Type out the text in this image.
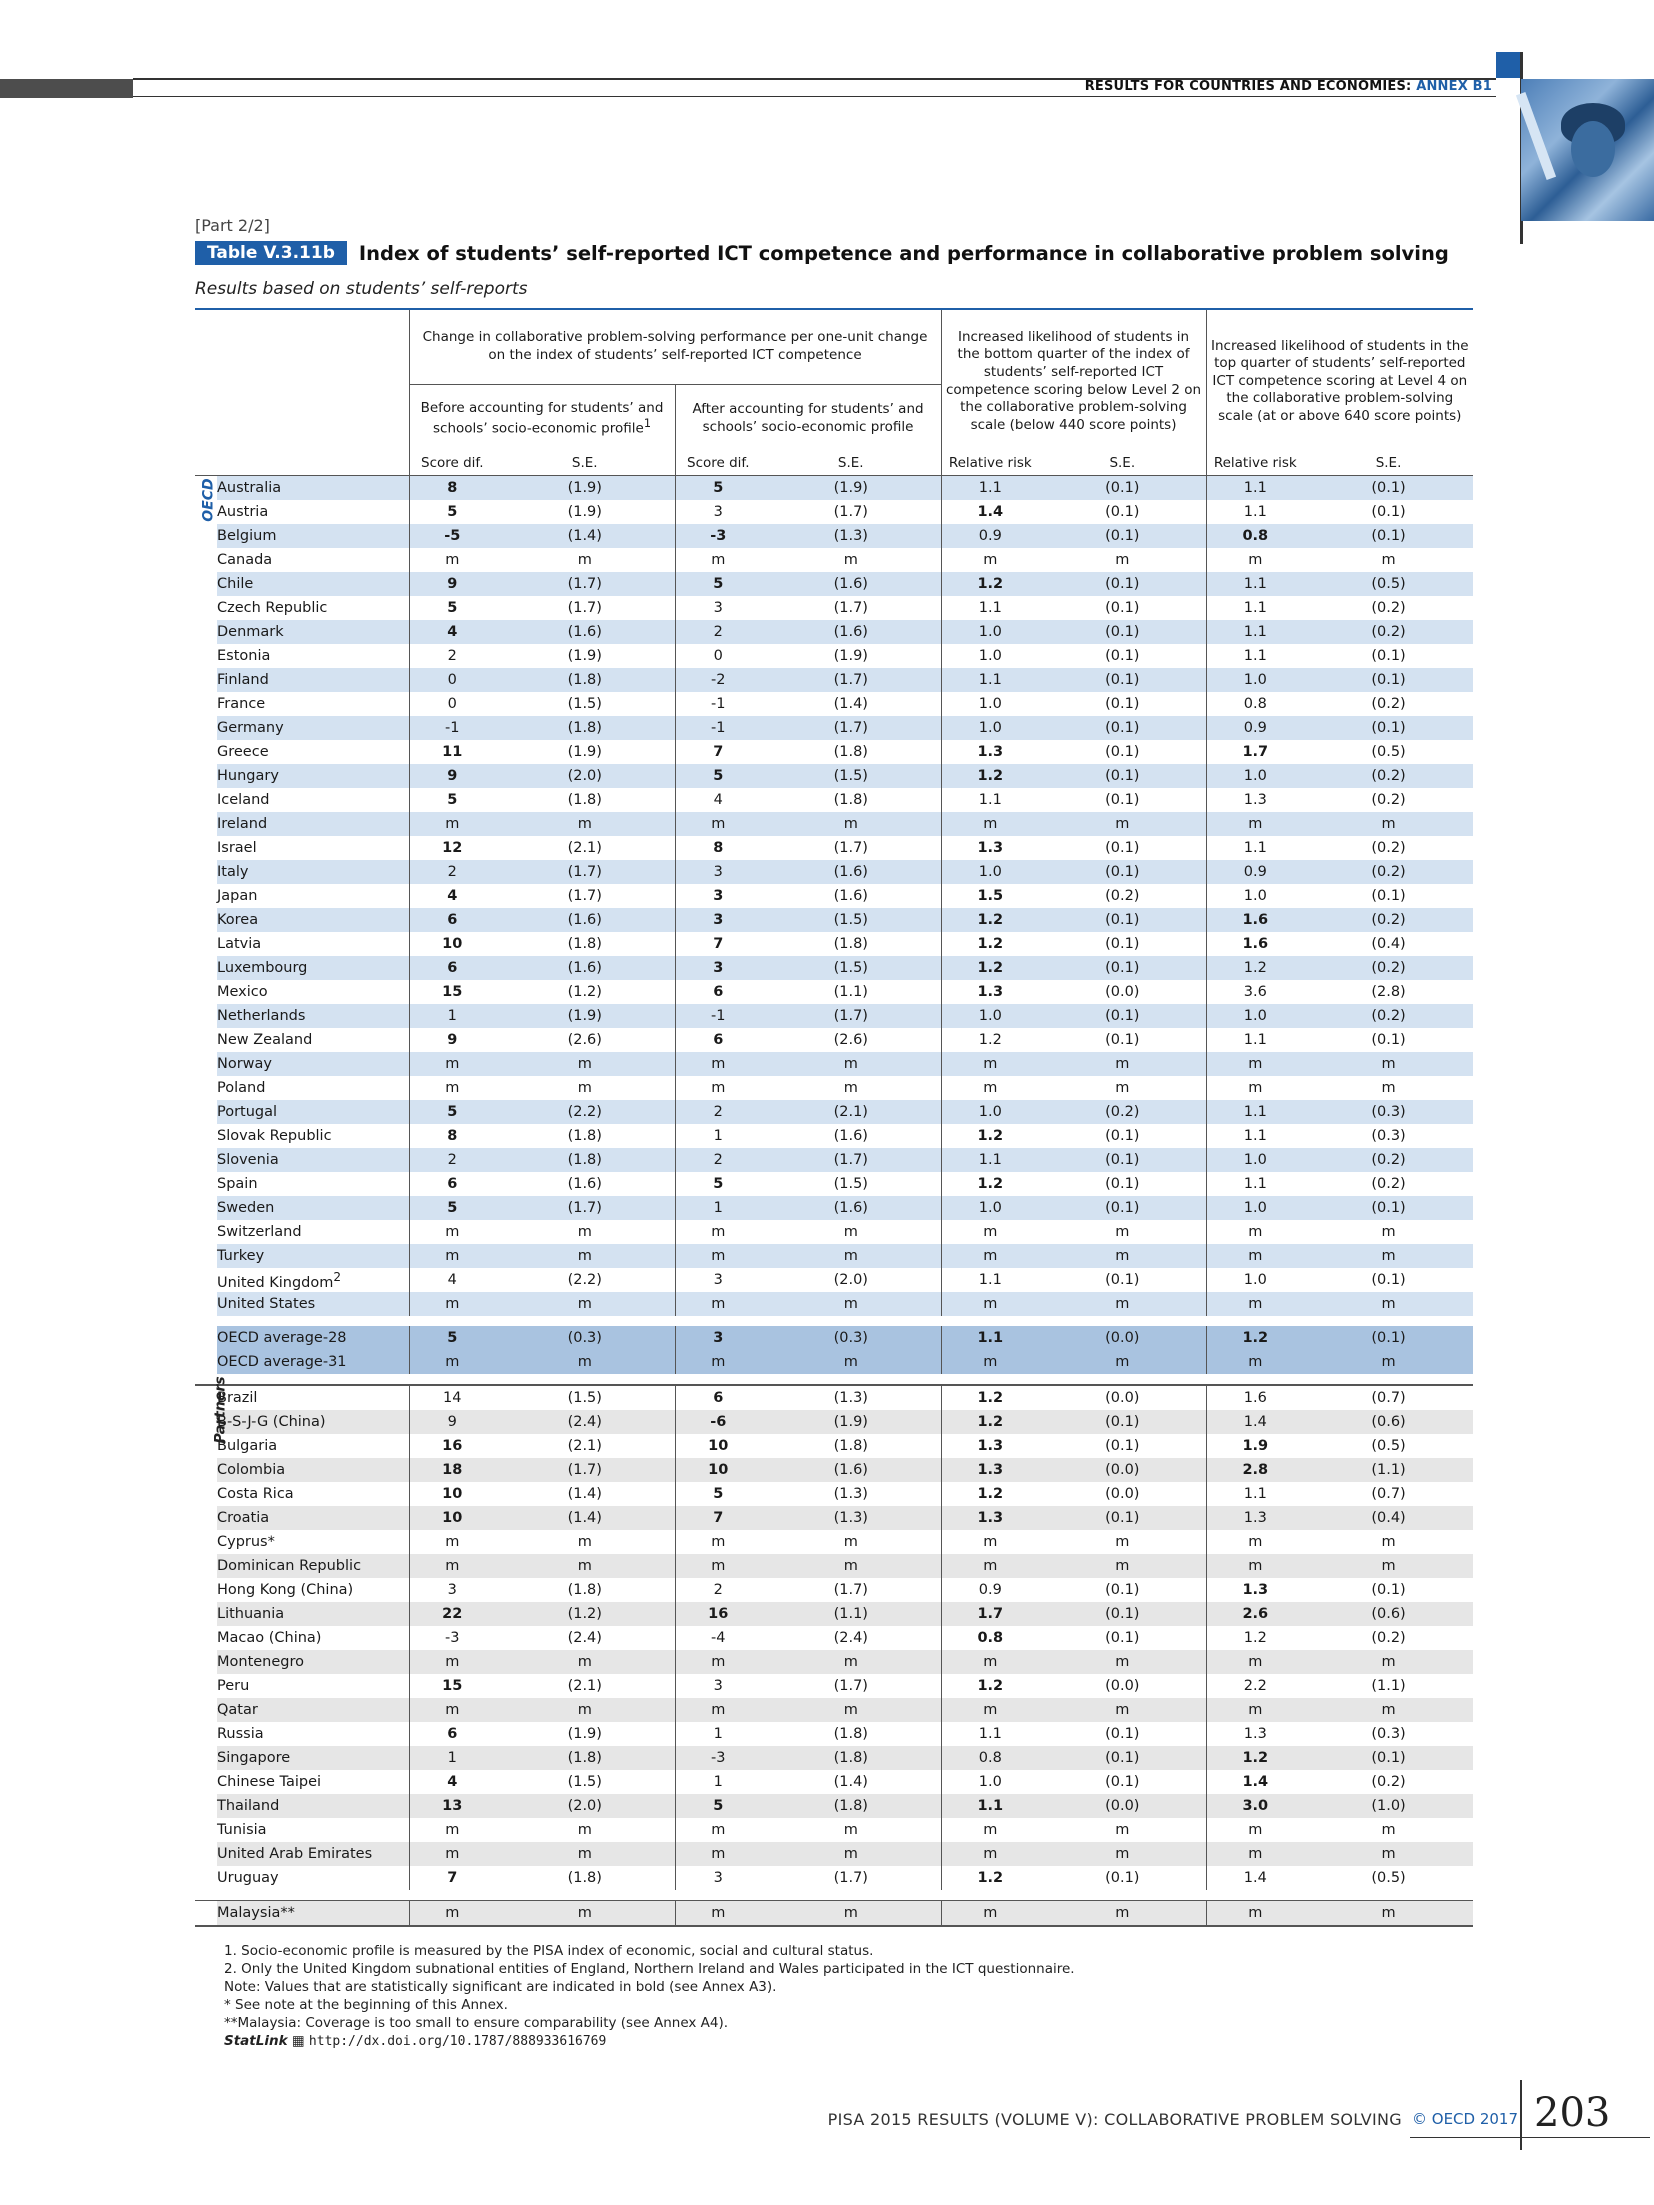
RESULTS FOR COUNTRIES AND ECONOMIES: ANNEX B1
[Part 2/2]
Table V.3.11b	Index of students’ self-reported ICT competence and performance in collaborative problem solving
Results based on students’ self-reports
		Change in collaborative problem-solving performance per one-unit change on the index of students’ self-reported ICT competence				Increased likelihood of students in the bottom quarter of the index of students’ self-reported ICT competence scoring below Level 2 on the collaborative problem-solving scale (below 440 score points)		Increased likelihood of students in the top quarter of students’ self-reported ICT competence scoring at Level 4 on the collaborative problem-solving scale (at or above 640 score points)	
		Before accounting for students’ and schools’ socio-economic profile$^1$		After accounting for students’ and schools’ socio-economic profile					
		Score dif.	S.E.	Score dif.	S.E.	Relative risk	S.E.	Relative risk	S.E.

OECD	Australia	8	(1.9)	5	(1.9)	1.1	(0.1)	1.1	(0.1)
	Austria	5	(1.9)	3	(1.7)	1.4	(0.1)	1.1	(0.1)
	Belgium	-5	(1.4)	-3	(1.3)	0.9	(0.1)	0.8	(0.1)
	Canada	m	m	m	m	m	m	m	m
	Chile	9	(1.7)	5	(1.6)	1.2	(0.1)	1.1	(0.5)
	Czech Republic	5	(1.7)	3	(1.7)	1.1	(0.1)	1.1	(0.2)
	Denmark	4	(1.6)	2	(1.6)	1.0	(0.1)	1.1	(0.2)
	Estonia	2	(1.9)	0	(1.9)	1.0	(0.1)	1.1	(0.1)
	Finland	0	(1.8)	-2	(1.7)	1.1	(0.1)	1.0	(0.1)
	France	0	(1.5)	-1	(1.4)	1.0	(0.1)	0.8	(0.2)
	Germany	-1	(1.8)	-1	(1.7)	1.0	(0.1)	0.9	(0.1)
	Greece	11	(1.9)	7	(1.8)	1.3	(0.1)	1.7	(0.5)
	Hungary	9	(2.0)	5	(1.5)	1.2	(0.1)	1.0	(0.2)
	Iceland	5	(1.8)	4	(1.8)	1.1	(0.1)	1.3	(0.2)
	Ireland	m	m	m	m	m	m	m	m
	Israel	12	(2.1)	8	(1.7)	1.3	(0.1)	1.1	(0.2)
	Italy	2	(1.7)	3	(1.6)	1.0	(0.1)	0.9	(0.2)
	Japan	4	(1.7)	3	(1.6)	1.5	(0.2)	1.0	(0.1)
	Korea	6	(1.6)	3	(1.5)	1.2	(0.1)	1.6	(0.2)
	Latvia	10	(1.8)	7	(1.8)	1.2	(0.1)	1.6	(0.4)
	Luxembourg	6	(1.6)	3	(1.5)	1.2	(0.1)	1.2	(0.2)
	Mexico	15	(1.2)	6	(1.1)	1.3	(0.0)	3.6	(2.8)
	Netherlands	1	(1.9)	-1	(1.7)	1.0	(0.1)	1.0	(0.2)
	New Zealand	9	(2.6)	6	(2.6)	1.2	(0.1)	1.1	(0.1)
	Norway	m	m	m	m	m	m	m	m
	Poland	m	m	m	m	m	m	m	m
	Portugal	5	(2.2)	2	(2.1)	1.0	(0.2)	1.1	(0.3)
	Slovak Republic	8	(1.8)	1	(1.6)	1.2	(0.1)	1.1	(0.3)
	Slovenia	2	(1.8)	2	(1.7)	1.1	(0.1)	1.0	(0.2)
	Spain	6	(1.6)	5	(1.5)	1.2	(0.1)	1.1	(0.2)
	Sweden	5	(1.7)	1	(1.6)	1.0	(0.1)	1.0	(0.1)
	Switzerland	m	m	m	m	m	m	m	m
	Turkey	m	m	m	m	m	m	m	m
	United Kingdom$^2$	4	(2.2)	3	(2.0)	1.1	(0.1)	1.0	(0.1)
	United States	m	m	m	m	m	m	m	m

	OECD average-28	5	(0.3)	3	(0.3)	1.1	(0.0)	1.2	(0.1)
	OECD average-31	m	m	m	m	m	m	m	m

Partners	Brazil	14	(1.5)	6	(1.3)	1.2	(0.0)	1.6	(0.7)
	B-S-J-G (China)	9	(2.4)	-6	(1.9)	1.2	(0.1)	1.4	(0.6)
	Bulgaria	16	(2.1)	10	(1.8)	1.3	(0.1)	1.9	(0.5)
	Colombia	18	(1.7)	10	(1.6)	1.3	(0.0)	2.8	(1.1)
	Costa Rica	10	(1.4)	5	(1.3)	1.2	(0.0)	1.1	(0.7)
	Croatia	10	(1.4)	7	(1.3)	1.3	(0.1)	1.3	(0.4)
	Cyprus*	m	m	m	m	m	m	m	m
	Dominican Republic	m	m	m	m	m	m	m	m
	Hong Kong (China)	3	(1.8)	2	(1.7)	0.9	(0.1)	1.3	(0.1)
	Lithuania	22	(1.2)	16	(1.1)	1.7	(0.1)	2.6	(0.6)
	Macao (China)	-3	(2.4)	-4	(2.4)	0.8	(0.1)	1.2	(0.2)
	Montenegro	m	m	m	m	m	m	m	m
	Peru	15	(2.1)	3	(1.7)	1.2	(0.0)	2.2	(1.1)
	Qatar	m	m	m	m	m	m	m	m
	Russia	6	(1.9)	1	(1.8)	1.1	(0.1)	1.3	(0.3)
	Singapore	1	(1.8)	-3	(1.8)	0.8	(0.1)	1.2	(0.1)
	Chinese Taipei	4	(1.5)	1	(1.4)	1.0	(0.1)	1.4	(0.2)
	Thailand	13	(2.0)	5	(1.8)	1.1	(0.0)	3.0	(1.0)
	Tunisia	m	m	m	m	m	m	m	m
	United Arab Emirates	m	m	m	m	m	m	m	m
	Uruguay	7	(1.8)	3	(1.7)	1.2	(0.1)	1.4	(0.5)

	Malaysia**	m	m	m	m	m	m	m	m
1. Socio-economic profile is measured by the PISA index of economic, social and cultural status.
2. Only the United Kingdom subnational entities of England, Northern Ireland and Wales participated in the ICT questionnaire.
Note: Values that are statistically significant are indicated in bold (see Annex A3).
* See note at the beginning of this Annex.
**Malaysia: Coverage is too small to ensure comparability (see Annex A4).
StatLink ▦ http://dx.doi.org/10.1787/888933616769
PISA 2015 RESULTS (VOLUME V): COLLABORATIVE PROBLEM SOLVING © OECD 2017 203
